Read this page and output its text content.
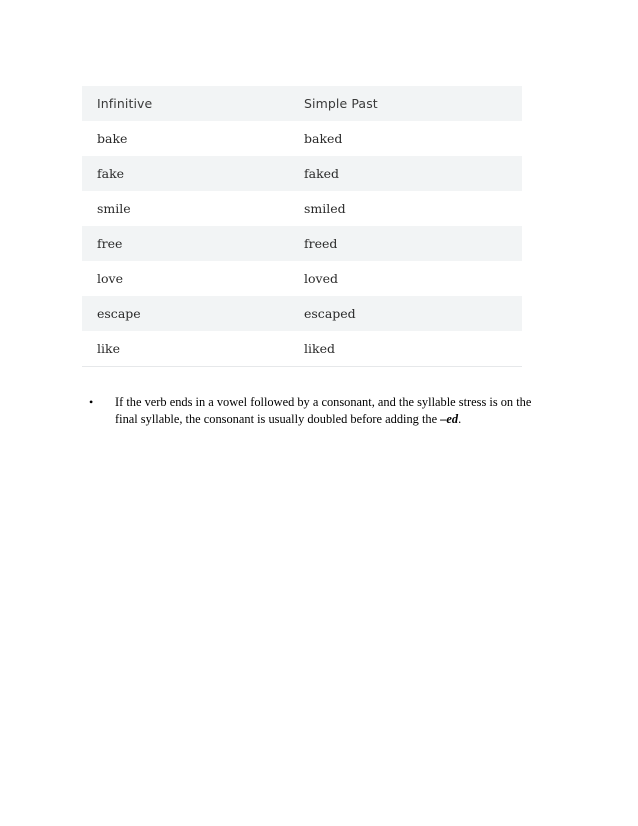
Infinitive	Simple Past
bake	baked
fake	faked
smile	smiled
free	freed
love	loved
escape	escaped
like	liked
• If the verb ends in a vowel followed by a consonant, and the syllable stress is on the final syllable, the consonant is usually doubled before adding the –ed.
